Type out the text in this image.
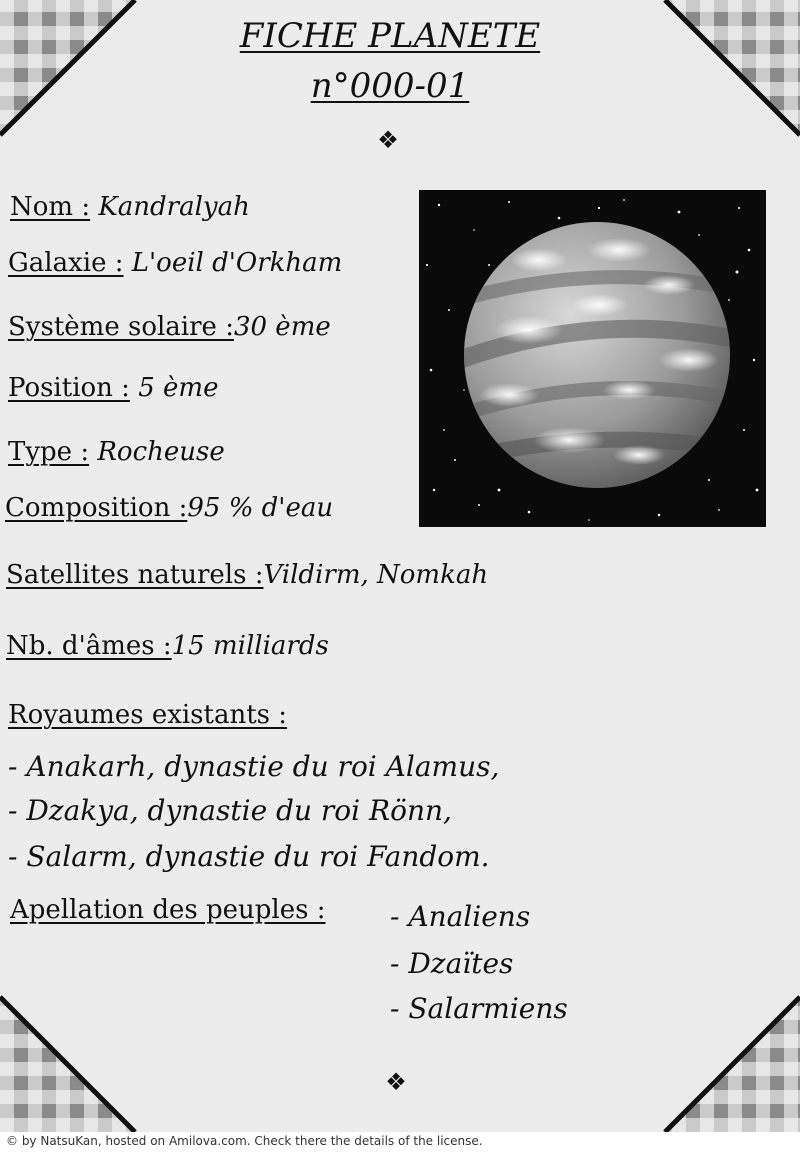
FICHE PLANETE
n°000-01
❖
Nom : Kandralyah
Galaxie : L'oeil d'Orkham
Système solaire :30 ème
Position : 5 ème
Type : Rocheuse
Composition :95 % d'eau
Satellites naturels :Vildirm, Nomkah
Nb. d'âmes :15 milliards
Royaumes existants :
- Anakarh, dynastie du roi Alamus,
- Dzakya, dynastie du roi Rönn,
- Salarm, dynastie du roi Fandom.
Apellation des peuples : - Analiens
- Dzaïtes
- Salarmiens
❖
© by NatsuKan, hosted on Amilova.com. Check there the details of the license.
